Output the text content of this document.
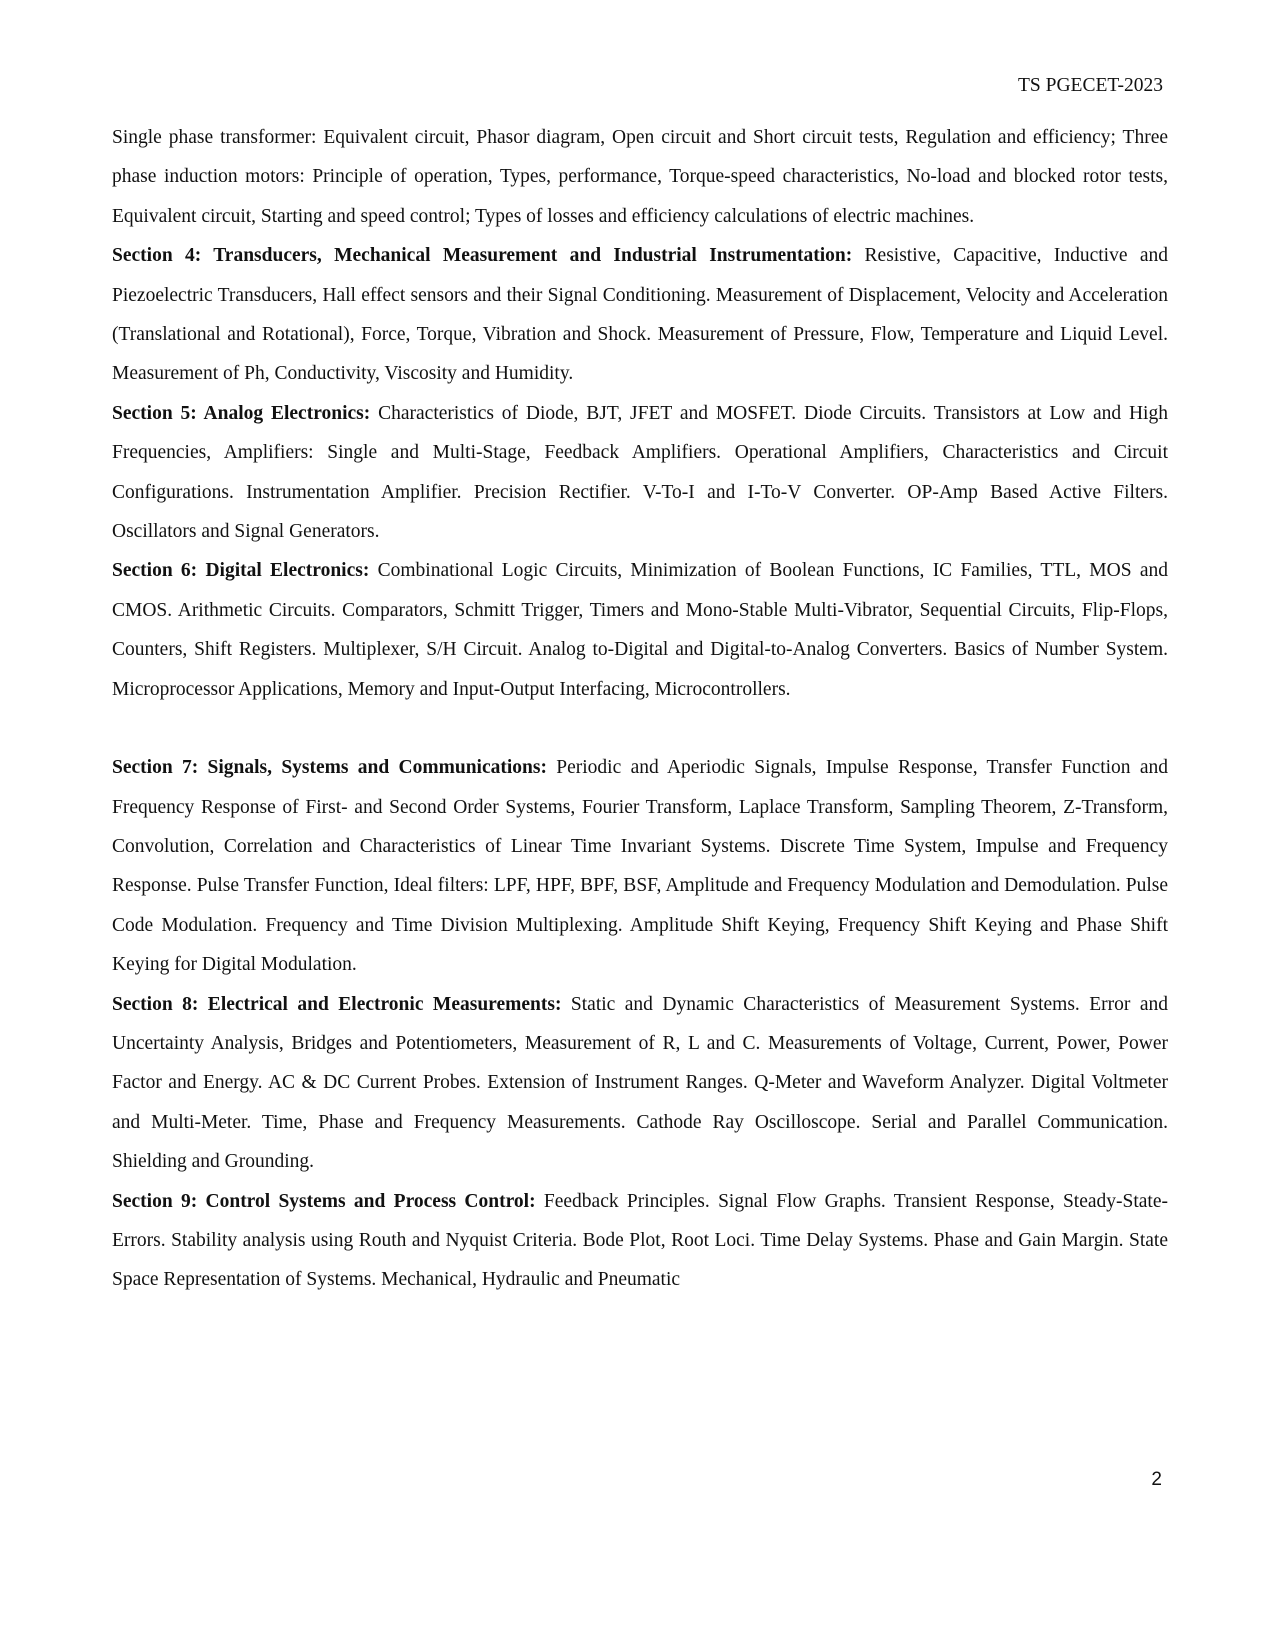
TS PGECET-2023

Single phase transformer: Equivalent circuit, Phasor diagram, Open circuit and Short circuit tests, Regulation and efficiency; Three phase induction motors: Principle of operation, Types, performance, Torque-speed characteristics, No-load and blocked rotor tests, Equivalent circuit, Starting and speed control; Types of losses and efficiency calculations of electric machines.

Section 4: Transducers, Mechanical Measurement and Industrial Instrumentation: Resistive, Capacitive, Inductive and Piezoelectric Transducers, Hall effect sensors and their Signal Conditioning. Measurement of Displacement, Velocity and Acceleration (Translational and Rotational), Force, Torque, Vibration and Shock. Measurement of Pressure, Flow, Temperature and Liquid Level. Measurement of Ph, Conductivity, Viscosity and Humidity.

Section 5: Analog Electronics: Characteristics of Diode, BJT, JFET and MOSFET. Diode Circuits. Transistors at Low and High Frequencies, Amplifiers: Single and Multi-Stage, Feedback Amplifiers. Operational Amplifiers, Characteristics and Circuit Configurations. Instrumentation Amplifier. Precision Rectifier. V-To-I and I-To-V Converter. OP-Amp Based Active Filters. Oscillators and Signal Generators.

Section 6: Digital Electronics: Combinational Logic Circuits, Minimization of Boolean Functions, IC Families, TTL, MOS and CMOS. Arithmetic Circuits. Comparators, Schmitt Trigger, Timers and Mono-Stable Multi-Vibrator, Sequential Circuits, Flip-Flops, Counters, Shift Registers. Multiplexer, S/H Circuit. Analog to-Digital and Digital-to-Analog Converters. Basics of Number System. Microprocessor Applications, Memory and Input-Output Interfacing, Microcontrollers.

Section 7: Signals, Systems and Communications: Periodic and Aperiodic Signals, Impulse Response, Transfer Function and Frequency Response of First- and Second Order Systems, Fourier Transform, Laplace Transform, Sampling Theorem, Z-Transform, Convolution, Correlation and Characteristics of Linear Time Invariant Systems. Discrete Time System, Impulse and Frequency Response. Pulse Transfer Function, Ideal filters: LPF, HPF, BPF, BSF, Amplitude and Frequency Modulation and Demodulation. Pulse Code Modulation. Frequency and Time Division Multiplexing. Amplitude Shift Keying, Frequency Shift Keying and Phase Shift Keying for Digital Modulation.

Section 8: Electrical and Electronic Measurements: Static and Dynamic Characteristics of Measurement Systems. Error and Uncertainty Analysis, Bridges and Potentiometers, Measurement of R, L and C. Measurements of Voltage, Current, Power, Power Factor and Energy. AC & DC Current Probes. Extension of Instrument Ranges. Q-Meter and Waveform Analyzer. Digital Voltmeter and Multi-Meter. Time, Phase and Frequency Measurements. Cathode Ray Oscilloscope. Serial and Parallel Communication. Shielding and Grounding.

Section 9: Control Systems and Process Control: Feedback Principles. Signal Flow Graphs. Transient Response, Steady-State-Errors. Stability analysis using Routh and Nyquist Criteria. Bode Plot, Root Loci. Time Delay Systems. Phase and Gain Margin. State Space Representation of Systems. Mechanical, Hydraulic and Pneumatic

2
